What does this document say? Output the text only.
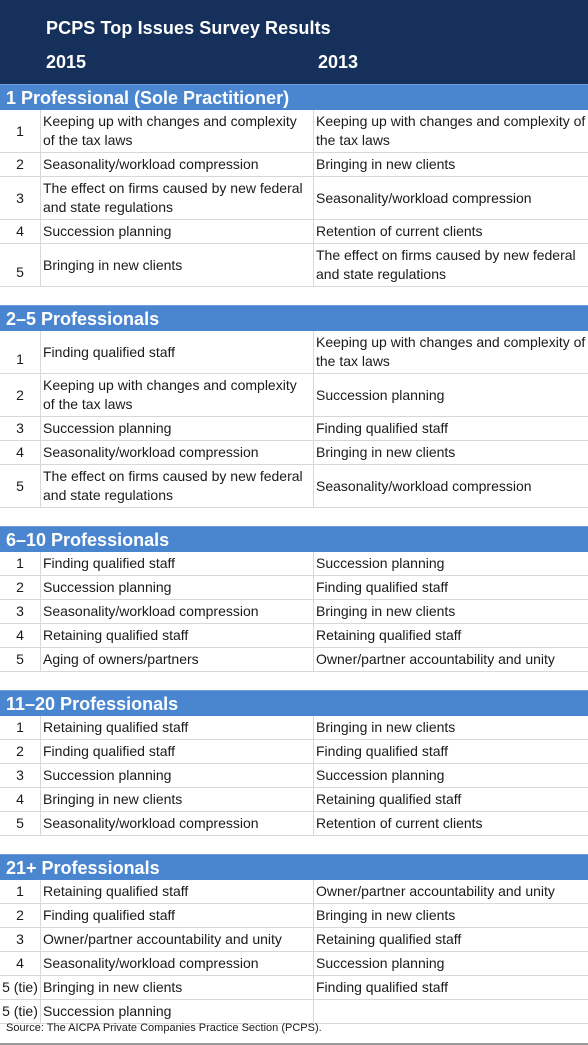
PCPS Top Issues Survey Results
2015	2013
1 Professional (Sole Practitioner)
1	Keeping up with changes and complexity of the tax laws	Keeping up with changes and complexity of the tax laws
2	Seasonality/workload compression	Bringing in new clients
3	The effect on firms caused by new federal and state regulations	Seasonality/workload compression
4	Succession planning	Retention of current clients
5	Bringing in new clients	The effect on firms caused by new federal and state regulations
2–5 Professionals
1	Finding qualified staff	Keeping up with changes and complexity of the tax laws
2	Keeping up with changes and complexity of the tax laws	Succession planning
3	Succession planning	Finding qualified staff
4	Seasonality/workload compression	Bringing in new clients
5	The effect on firms caused by new federal and state regulations	Seasonality/workload compression
6–10 Professionals
1	Finding qualified staff	Succession planning
2	Succession planning	Finding qualified staff
3	Seasonality/workload compression	Bringing in new clients
4	Retaining qualified staff	Retaining qualified staff
5	Aging of owners/partners	Owner/partner accountability and unity
11–20 Professionals
1	Retaining qualified staff	Bringing in new clients
2	Finding qualified staff	Finding qualified staff
3	Succession planning	Succession planning
4	Bringing in new clients	Retaining qualified staff
5	Seasonality/workload compression	Retention of current clients
21+ Professionals
1	Retaining qualified staff	Owner/partner accountability and unity
2	Finding qualified staff	Bringing in new clients
3	Owner/partner accountability and unity	Retaining qualified staff
4	Seasonality/workload compression	Succession planning
5 (tie)	Bringing in new clients	Finding qualified staff
5 (tie)	Succession planning	
Source: The AICPA Private Companies Practice Section (PCPS).
